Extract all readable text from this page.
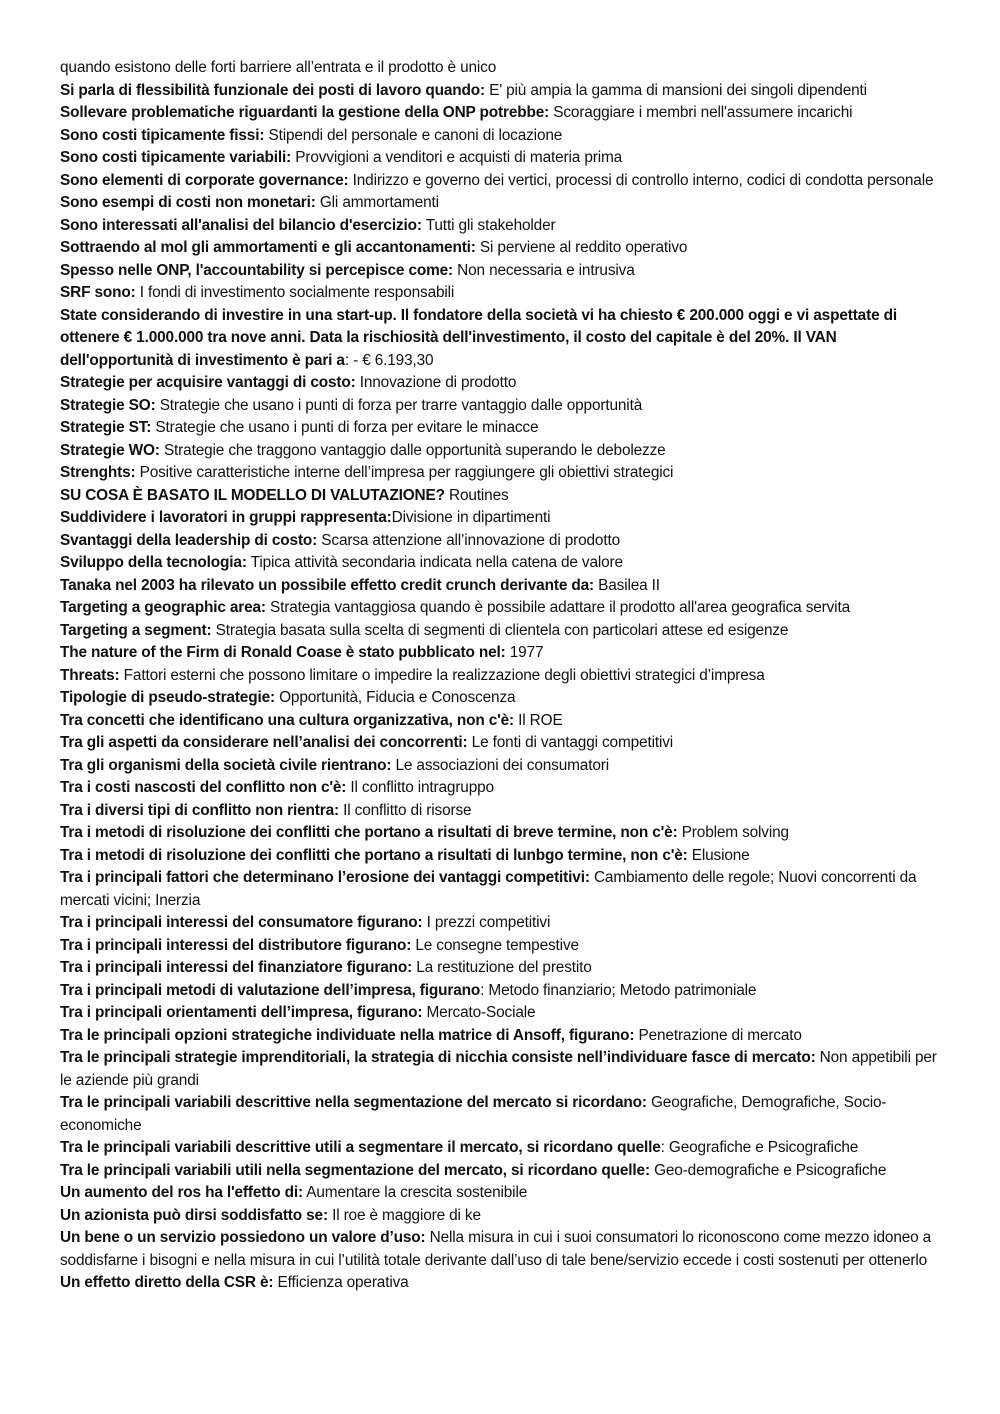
quando esistono delle forti barriere all’entrata e il prodotto è unico

Si parla di flessibilità funzionale dei posti di lavoro quando: E' più ampia la gamma di mansioni dei singoli dipendenti

Sollevare problematiche riguardanti la gestione della ONP potrebbe: Scoraggiare i membri nell'assumere incarichi

Sono costi tipicamente fissi: Stipendi del personale e canoni di locazione

Sono costi tipicamente variabili: Provvigioni a venditori e acquisti di materia prima

Sono elementi di corporate governance: Indirizzo e governo dei vertici, processi di controllo interno, codici di condotta personale

Sono esempi di costi non monetari: Gli ammortamenti

Sono interessati all'analisi del bilancio d'esercizio: Tutti gli stakeholder

Sottraendo al mol gli ammortamenti e gli accantonamenti: Si perviene al reddito operativo

Spesso nelle ONP, l'accountability si percepisce come: Non necessaria e intrusiva

SRF sono: I fondi di investimento socialmente responsabili

State considerando di investire in una start-up. Il fondatore della società vi ha chiesto € 200.000 oggi e vi aspettate di ottenere € 1.000.000 tra nove anni. Data la rischiosità dell'investimento, il costo del capitale è del 20%. Il VAN dell'opportunità di investimento è pari a: - € 6.193,30

Strategie per acquisire vantaggi di costo: Innovazione di prodotto

Strategie SO: Strategie che usano i punti di forza per trarre vantaggio dalle opportunità

Strategie ST: Strategie che usano i punti di forza per evitare le minacce

Strategie WO: Strategie che traggono vantaggio dalle opportunità superando le debolezze

Strenghts: Positive caratteristiche interne dell’impresa per raggiungere gli obiettivi strategici

SU COSA È BASATO IL MODELLO DI VALUTAZIONE? Routines

Suddividere i lavoratori in gruppi rappresenta:Divisione in dipartimenti

Svantaggi della leadership di costo: Scarsa attenzione all’innovazione di prodotto

Sviluppo della tecnologia: Tipica attività secondaria indicata nella catena de valore

Tanaka nel 2003 ha rilevato un possibile effetto credit crunch derivante da: Basilea II

Targeting a geographic area: Strategia vantaggiosa quando è possibile adattare il prodotto all'area geografica servita

Targeting a segment: Strategia basata sulla scelta di segmenti di clientela con particolari attese ed esigenze

The nature of the Firm di Ronald Coase è stato pubblicato nel: 1977

Threats: Fattori esterni che possono limitare o impedire la realizzazione degli obiettivi strategici d’impresa

Tipologie di pseudo-strategie: Opportunità, Fiducia e Conoscenza

Tra concetti che identificano una cultura organizzativa, non c'è: Il ROE

Tra gli aspetti da considerare nell’analisi dei concorrenti: Le fonti di vantaggi competitivi

Tra gli organismi della società civile rientrano: Le associazioni dei consumatori

Tra i costi nascosti del conflitto non c'è: Il conflitto intragruppo

Tra i diversi tipi di conflitto non rientra: Il conflitto di risorse

Tra i metodi di risoluzione dei conflitti che portano a risultati di breve termine, non c'è: Problem solving

Tra i metodi di risoluzione dei conflitti che portano a risultati di lunbgo termine, non c'è: Elusione

Tra i principali fattori che determinano l’erosione dei vantaggi competitivi: Cambiamento delle regole; Nuovi concorrenti da mercati vicini; Inerzia

Tra i principali interessi del consumatore figurano: I prezzi competitivi

Tra i principali interessi del distributore figurano: Le consegne tempestive

Tra i principali interessi del finanziatore figurano: La restituzione del prestito

Tra i principali metodi di valutazione dell’impresa, figurano: Metodo finanziario; Metodo patrimoniale

Tra i principali orientamenti dell’impresa, figurano: Mercato-Sociale

Tra le principali opzioni strategiche individuate nella matrice di Ansoff, figurano: Penetrazione di mercato

Tra le principali strategie imprenditoriali, la strategia di nicchia consiste nell’individuare fasce di mercato: Non appetibili per le aziende più grandi

Tra le principali variabili descrittive nella segmentazione del mercato si ricordano: Geografiche, Demografiche, Socio-economiche

Tra le principali variabili descrittive utili a segmentare il mercato, si ricordano quelle: Geografiche e Psicografiche

Tra le principali variabili utili nella segmentazione del mercato, si ricordano quelle: Geo-demografiche e Psicografiche

Un aumento del ros ha l'effetto di: Aumentare la crescita sostenibile

Un azionista può dirsi soddisfatto se: Il roe è maggiore di ke

Un bene o un servizio possiedono un valore d’uso: Nella misura in cui i suoi consumatori lo riconoscono come mezzo idoneo a soddisfarne i bisogni e nella misura in cui l’utilità totale derivante dall’uso di tale bene/servizio eccede i costi sostenuti per ottenerlo

Un effetto diretto della CSR è: Efficienza operativa
